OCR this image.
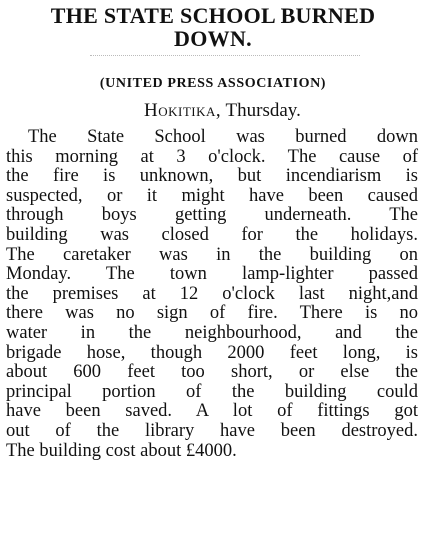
THE STATE SCHOOL BURNED
DOWN.
(UNITED PRESS ASSOCIATION)
Hokitika, Thursday.
The State School was burned down
this morning at 3 o'clock. The cause of
the fire is unknown, but incendiarism is
suspected, or it might have been caused
through boys getting underneath. The
building was closed for the holidays.
The caretaker was in the building on
Monday. The town lamp-lighter passed
the premises at 12 o'clock last night,and
there was no sign of fire. There is no
water in the neighbourhood, and the
brigade hose, though 2000 feet long, is
about 600 feet too short, or else the
principal portion of the building could
have been saved. A lot of fittings got
out of the library have been destroyed.
The building cost about £4000.
